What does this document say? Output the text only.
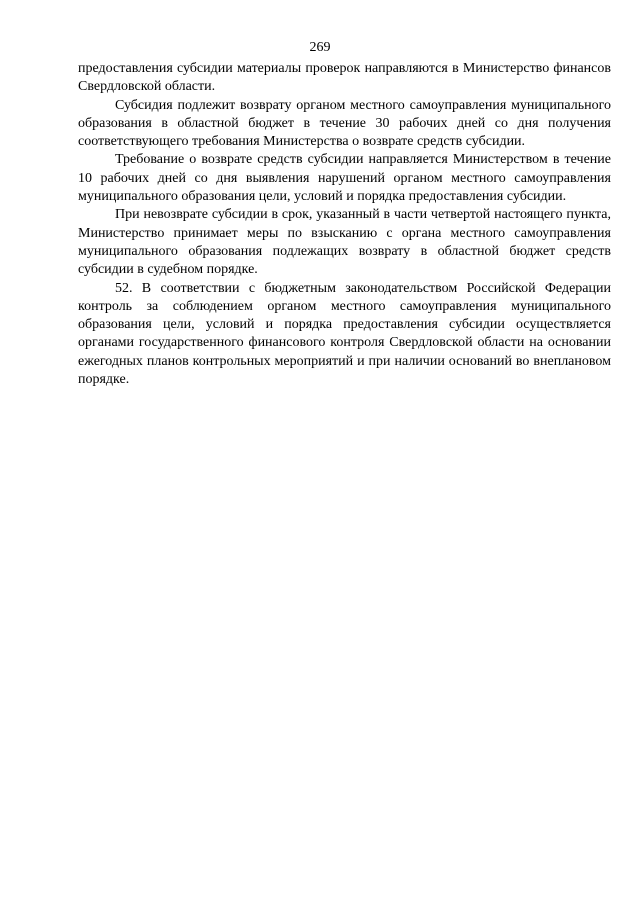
269

предоставления субсидии материалы проверок направляются в Министерство финансов Свердловской области.

Субсидия подлежит возврату органом местного самоуправления муниципального образования в областной бюджет в течение 30 рабочих дней со дня получения соответствующего требования Министерства о возврате средств субсидии.

Требование о возврате средств субсидии направляется Министерством в течение 10 рабочих дней со дня выявления нарушений органом местного самоуправления муниципального образования цели, условий и порядка предоставления субсидии.

При невозврате субсидии в срок, указанный в части четвертой настоящего пункта, Министерство принимает меры по взысканию с органа местного самоуправления муниципального образования подлежащих возврату в областной бюджет средств субсидии в судебном порядке.

52. В соответствии с бюджетным законодательством Российской Федерации контроль за соблюдением органом местного самоуправления муниципального образования цели, условий и порядка предоставления субсидии осуществляется органами государственного финансового контроля Свердловской области на основании ежегодных планов контрольных мероприятий и при наличии оснований во внеплановом порядке.
